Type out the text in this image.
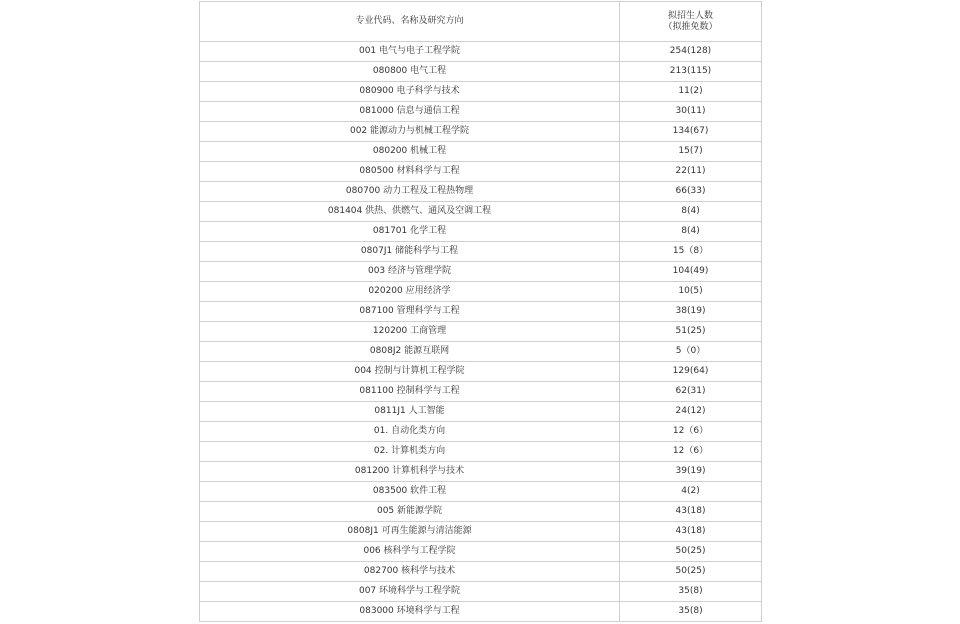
专业代码、名称及研究方向	拟招生人数
（拟推免数）

001 电气与电子工程学院	254(128)
080800 电气工程	213(115)
080900 电子科学与技术	11(2)
081000 信息与通信工程	30(11)
002 能源动力与机械工程学院	134(67)
080200 机械工程	15(7)
080500 材料科学与工程	22(11)
080700 动力工程及工程热物理	66(33)
081404 供热、供燃气、通风及空调工程	8(4)
081701 化学工程	8(4)
0807J1 储能科学与工程	15（8）
003 经济与管理学院	104(49)
020200 应用经济学	10(5)
087100 管理科学与工程	38(19)
120200 工商管理	51(25)
0808J2 能源互联网	5（0）
004 控制与计算机工程学院	129(64)
081100 控制科学与工程	62(31)
0811J1 人工智能	24(12)
01. 自动化类方向	12（6）
02. 计算机类方向	12（6）
081200 计算机科学与技术	39(19)
083500 软件工程	4(2)
005 新能源学院	43(18)
0808J1 可再生能源与清洁能源	43(18)
006 核科学与工程学院	50(25)
082700 核科学与技术	50(25)
007 环境科学与工程学院	35(8)
083000 环境科学与工程	35(8)
